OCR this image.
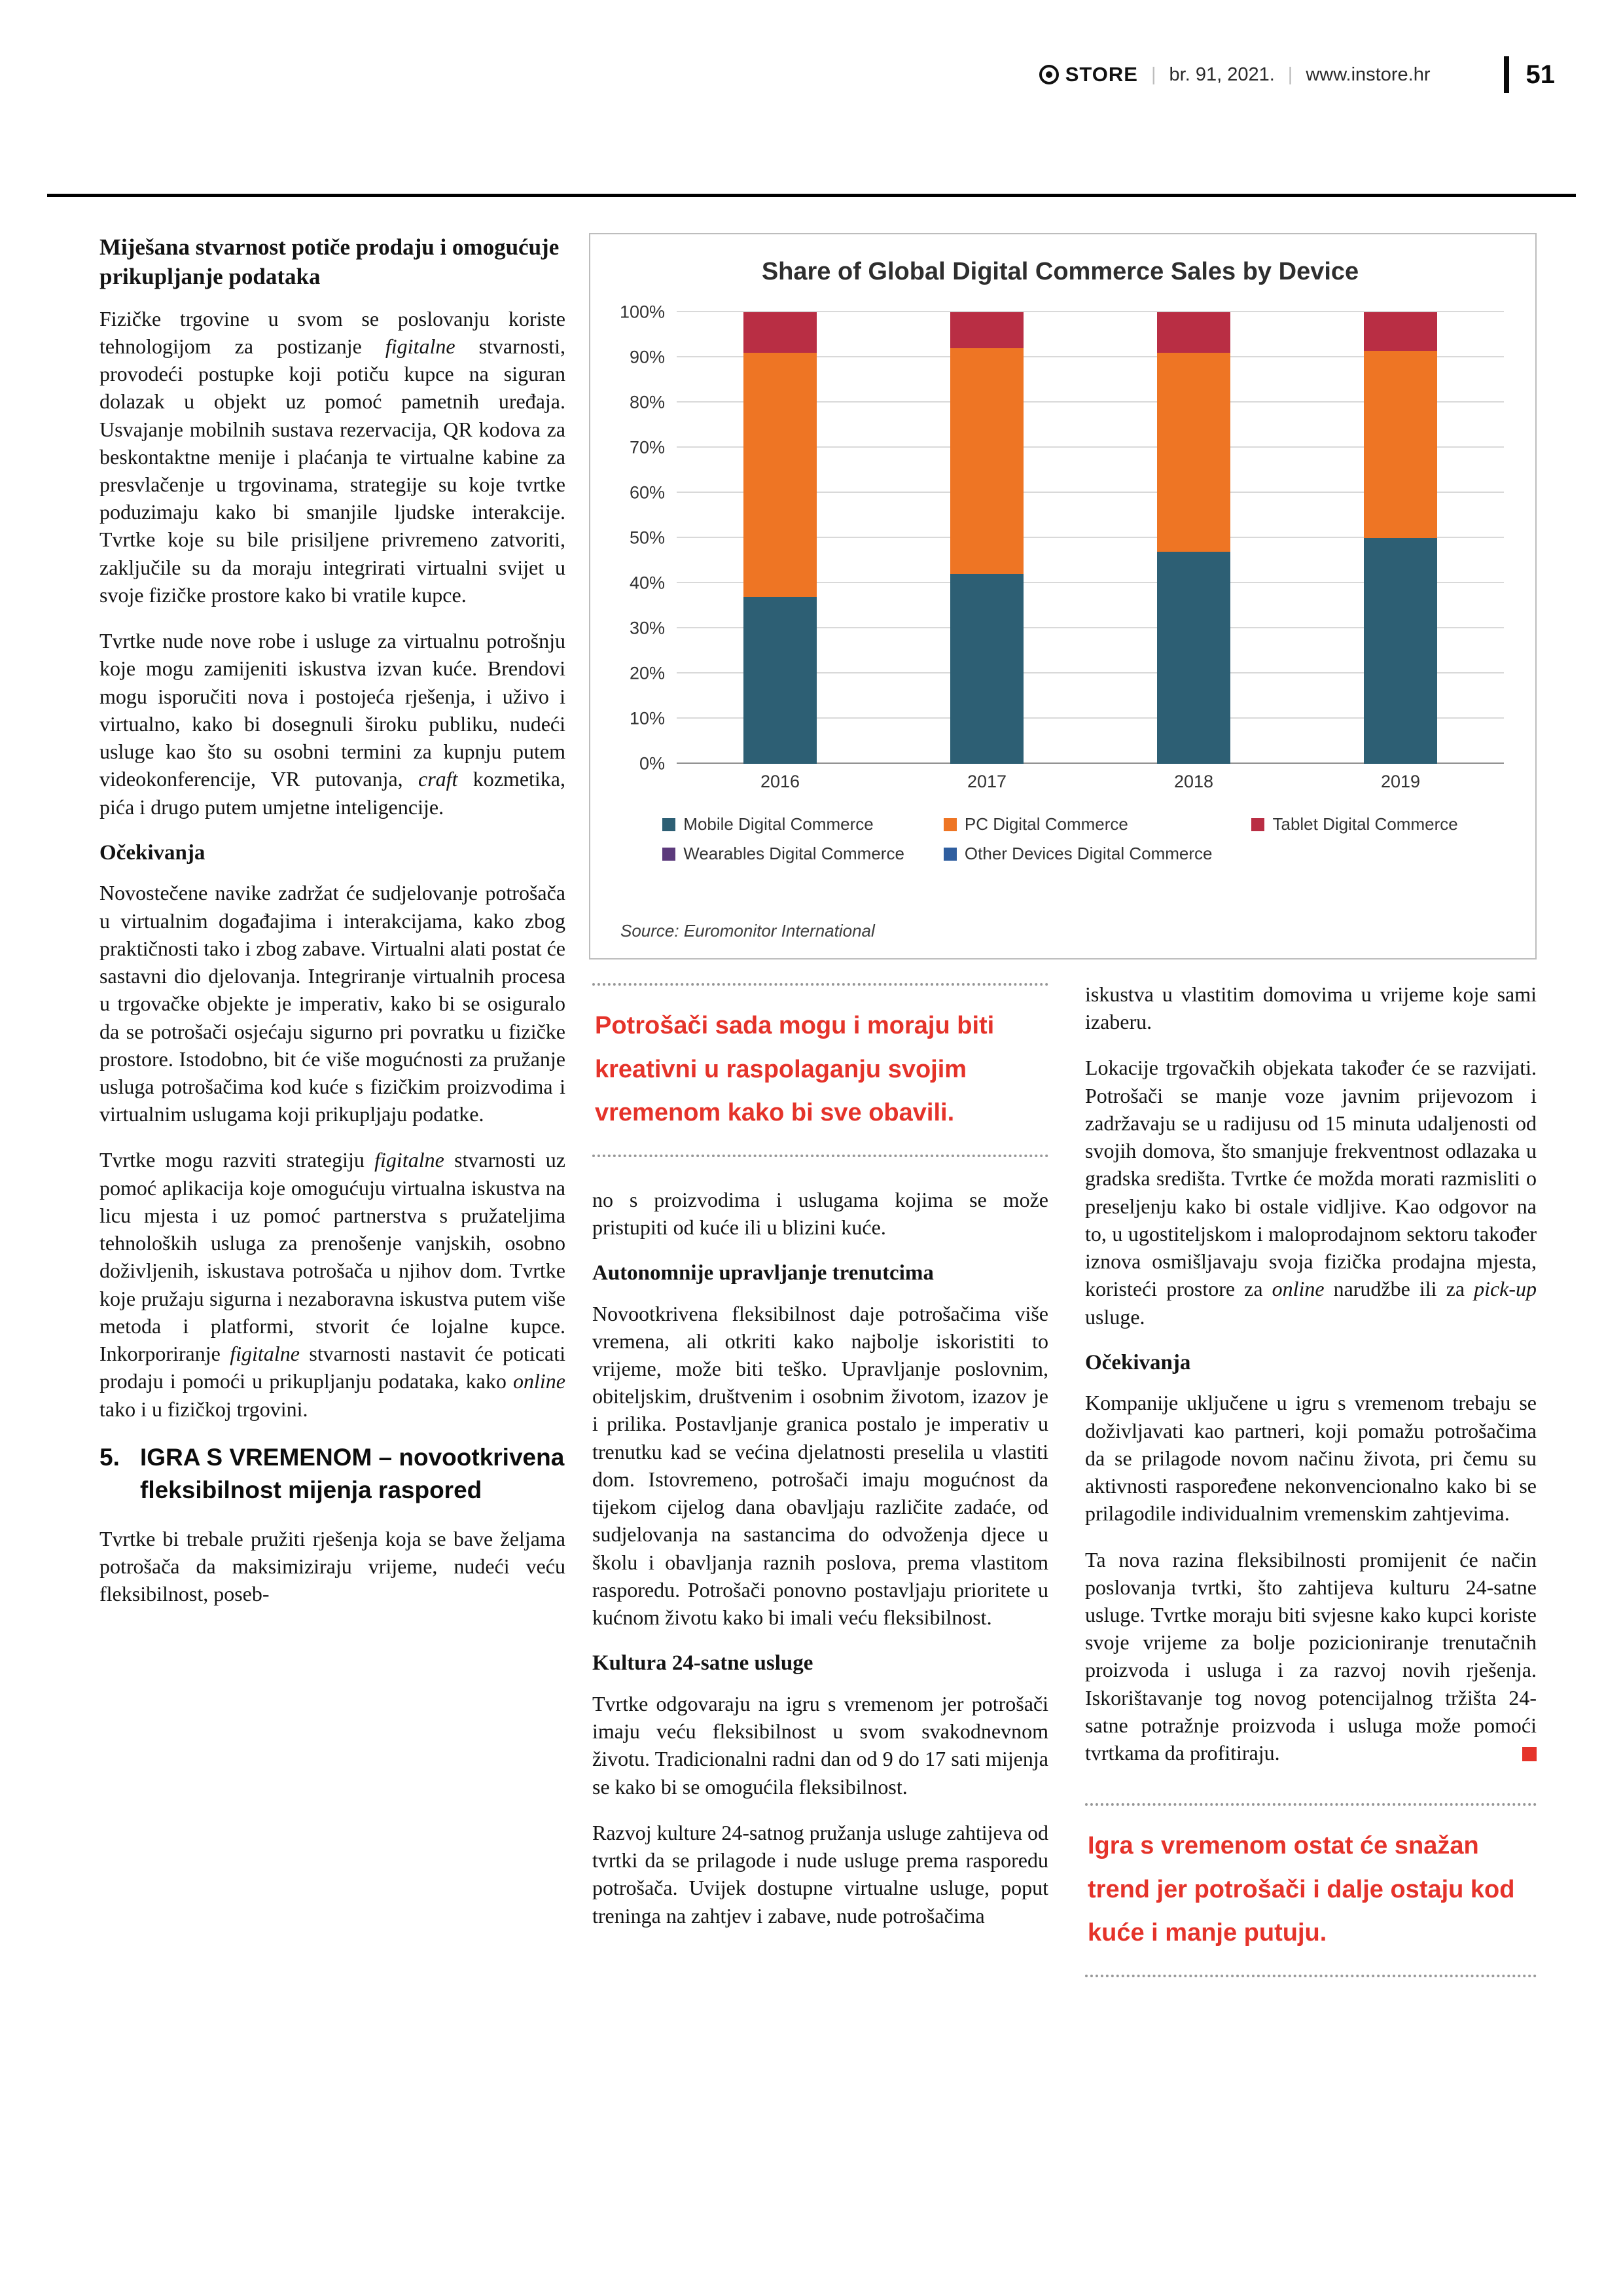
STORE | br. 91, 2021. | www.instore.hr	51
Share of Global Digital Commerce Sales by Device
0%
10%
20%
30%
40%
50%
60%
70%
80%
90%
100%
2016	2017	2018	2019
Mobile Digital Commerce	PC Digital Commerce	Tablet Digital Commerce
Wearables Digital Commerce	Other Devices Digital Commerce
Source: Euromonitor International
Miješana stvarnost potiče prodaju i omogućuje prikupljanje podataka

Fizičke trgovine u svom se poslovanju koriste tehnologijom za postizanje figitalne stvarnosti, provodeći postupke koji potiču kupce na siguran dolazak u objekt uz pomoć pametnih uređaja. Usvajanje mobilnih sustava rezervacija, QR kodova za beskontaktne menije i plaćanja te virtualne kabine za presvlačenje u trgovinama, strategije su koje tvrtke poduzimaju kako bi smanjile ljudske interakcije. Tvrtke koje su bile prisiljene privremeno zatvoriti, zaključile su da moraju integrirati virtualni svijet u svoje fizičke prostore kako bi vratile kupce.

Tvrtke nude nove robe i usluge za virtualnu potrošnju koje mogu zamijeniti iskustva izvan kuće. Brendovi mogu isporučiti nova i postojeća rješenja, i uživo i virtualno, kako bi dosegnuli široku publiku, nudeći usluge kao što su osobni termini za kupnju putem videokonferencije, VR putovanja, craft kozmetika, pića i drugo putem umjetne inteligencije.

Očekivanja

Novostečene navike zadržat će sudjelovanje potrošača u virtualnim događajima i interakcijama, kako zbog praktičnosti tako i zbog zabave. Virtualni alati postat će sastavni dio djelovanja. Integriranje virtualnih procesa u trgovačke objekte je imperativ, kako bi se osiguralo da se potrošači osjećaju sigurno pri povratku u fizičke prostore. Istodobno, bit će više mogućnosti za pružanje usluga potrošačima kod kuće s fizičkim proizvodima i virtualnim uslugama koji prikupljaju podatke.

Tvrtke mogu razviti strategiju figitalne stvarnosti uz pomoć aplikacija koje omogućuju virtualna iskustva na licu mjesta i uz pomoć partnerstva s pružateljima tehnoloških usluga za prenošenje vanjskih, osobno doživljenih, iskustava potrošača u njihov dom. Tvrtke koje pružaju sigurna i nezaboravna iskustva putem više metoda i platformi, stvorit će lojalne kupce. Inkorporiranje figitalne stvarnosti nastavit će poticati prodaju i pomoći u prikupljanju podataka, kako online tako i u fizičkoj trgovini.

5. IGRA S VREMENOM – novootkrivena fleksibilnost mijenja raspored

Tvrtke bi trebale pružiti rješenja koja se bave željama potrošača da maksimiziraju vrijeme, nudeći veću fleksibilnost, poseb-

Potrošači sada mogu i moraju biti kreativni u raspolaganju svojim vremenom kako bi sve obavili.

no s proizvodima i uslugama kojima se može pristupiti od kuće ili u blizini kuće.

Autonomnije upravljanje trenutcima

Novootkrivena fleksibilnost daje potrošačima više vremena, ali otkriti kako najbolje iskoristiti to vrijeme, može biti teško. Upravljanje poslovnim, obiteljskim, društvenim i osobnim životom, izazov je i prilika. Postavljanje granica postalo je imperativ u trenutku kad se većina djelatnosti preselila u vlastiti dom. Istovremeno, potrošači imaju mogućnost da tijekom cijelog dana obavljaju različite zadaće, od sudjelovanja na sastancima do odvoženja djece u školu i obavljanja raznih poslova, prema vlastitom rasporedu. Potrošači ponovno postavljaju prioritete u kućnom životu kako bi imali veću fleksibilnost.

Kultura 24-satne usluge

Tvrtke odgovaraju na igru s vremenom jer potrošači imaju veću fleksibilnost u svom svakodnevnom životu. Tradicionalni radni dan od 9 do 17 sati mijenja se kako bi se omogućila fleksibilnost.

Razvoj kulture 24-satnog pružanja usluge zahtijeva od tvrtki da se prilagode i nude usluge prema rasporedu potrošača. Uvijek dostupne virtualne usluge, poput treninga na zahtjev i zabave, nude potrošačima

iskustva u vlastitim domovima u vrijeme koje sami izaberu.

Lokacije trgovačkih objekata također će se razvijati. Potrošači se manje voze javnim prijevozom i zadržavaju se u radijusu od 15 minuta udaljenosti od svojih domova, što smanjuje frekventnost odlazaka u gradska središta. Tvrtke će možda morati razmisliti o preseljenju kako bi ostale vidljive. Kao odgovor na to, u ugostiteljskom i maloprodajnom sektoru također iznova osmišljavaju svoja fizička prodajna mjesta, koristeći prostore za online narudžbe ili za pick-up usluge.

Očekivanja

Kompanije uključene u igru s vremenom trebaju se doživljavati kao partneri, koji pomažu potrošačima da se prilagode novom načinu života, pri čemu su aktivnosti raspoređene nekonvencionalno kako bi se prilagodile individualnim vremenskim zahtjevima.

Ta nova razina fleksibilnosti promijenit će način poslovanja tvrtki, što zahtijeva kulturu 24-satne usluge. Tvrtke moraju biti svjesne kako kupci koriste svoje vrijeme za bolje pozicioniranje trenutačnih proizvoda i usluga i za razvoj novih rješenja. Iskorištavanje tog novog potencijalnog tržišta 24-satne potražnje proizvoda i usluga može pomoći tvrtkama da profitiraju.

Igra s vremenom ostat će snažan trend jer potrošači i dalje ostaju kod kuće i manje putuju.
